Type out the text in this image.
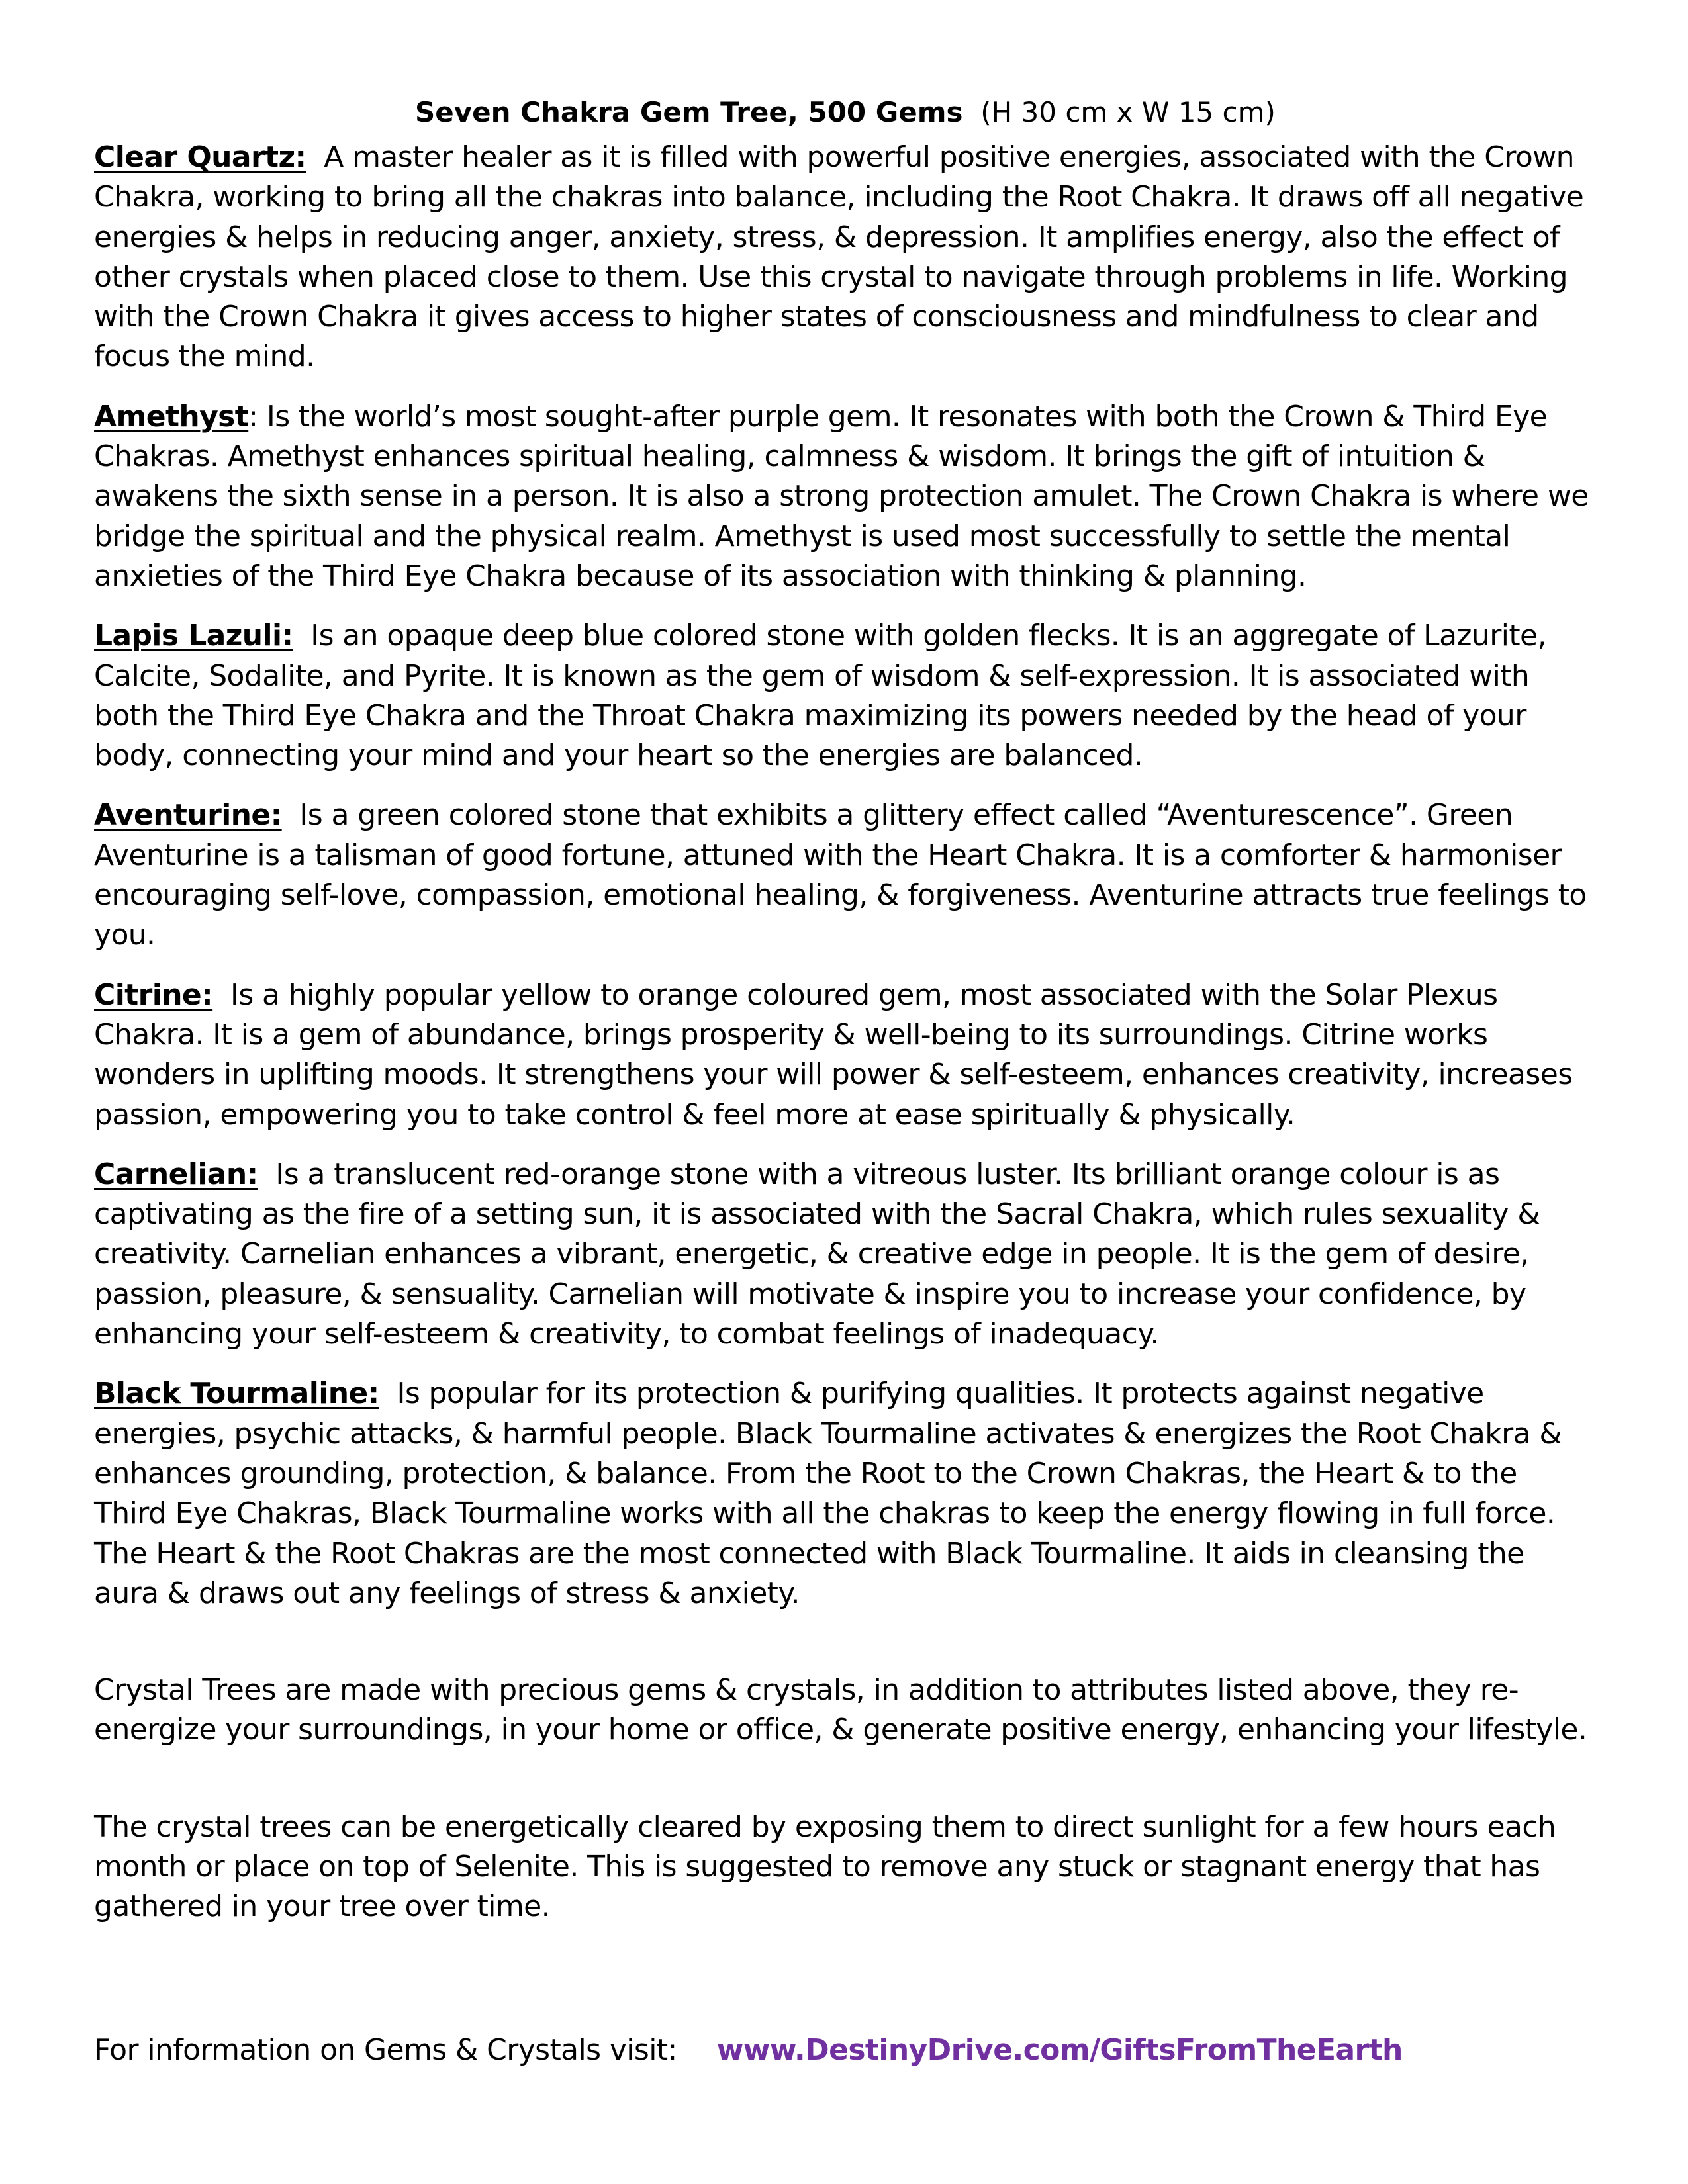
Seven Chakra Gem Tree, 500 Gems (H 30 cm x W 15 cm)

Clear Quartz: A master healer as it is filled with powerful positive energies, associated with the Crown Chakra, working to bring all the chakras into balance, including the Root Chakra. It draws off all negative energies & helps in reducing anger, anxiety, stress, & depression. It amplifies energy, also the effect of other crystals when placed close to them. Use this crystal to navigate through problems in life. Working with the Crown Chakra it gives access to higher states of consciousness and mindfulness to clear and focus the mind.

Amethyst: Is the world’s most sought-after purple gem. It resonates with both the Crown & Third Eye Chakras. Amethyst enhances spiritual healing, calmness & wisdom. It brings the gift of intuition & awakens the sixth sense in a person. It is also a strong protection amulet. The Crown Chakra is where we bridge the spiritual and the physical realm. Amethyst is used most successfully to settle the mental anxieties of the Third Eye Chakra because of its association with thinking & planning.

Lapis Lazuli: Is an opaque deep blue colored stone with golden flecks. It is an aggregate of Lazurite, Calcite, Sodalite, and Pyrite. It is known as the gem of wisdom & self-expression. It is associated with both the Third Eye Chakra and the Throat Chakra maximizing its powers needed by the head of your body, connecting your mind and your heart so the energies are balanced.

Aventurine: Is a green colored stone that exhibits a glittery effect called “Aventurescence”. Green Aventurine is a talisman of good fortune, attuned with the Heart Chakra. It is a comforter & harmoniser encouraging self-love, compassion, emotional healing, & forgiveness. Aventurine attracts true feelings to you.

Citrine: Is a highly popular yellow to orange coloured gem, most associated with the Solar Plexus Chakra. It is a gem of abundance, brings prosperity & well-being to its surroundings. Citrine works wonders in uplifting moods. It strengthens your will power & self-esteem, enhances creativity, increases passion, empowering you to take control & feel more at ease spiritually & physically.

Carnelian: Is a translucent red-orange stone with a vitreous luster. Its brilliant orange colour is as captivating as the fire of a setting sun, it is associated with the Sacral Chakra, which rules sexuality & creativity. Carnelian enhances a vibrant, energetic, & creative edge in people. It is the gem of desire, passion, pleasure, & sensuality. Carnelian will motivate & inspire you to increase your confidence, by enhancing your self-esteem & creativity, to combat feelings of inadequacy.

Black Tourmaline: Is popular for its protection & purifying qualities. It protects against negative energies, psychic attacks, & harmful people. Black Tourmaline activates & energizes the Root Chakra & enhances grounding, protection, & balance. From the Root to the Crown Chakras, the Heart & to the Third Eye Chakras, Black Tourmaline works with all the chakras to keep the energy flowing in full force. The Heart & the Root Chakras are the most connected with Black Tourmaline. It aids in cleansing the aura & draws out any feelings of stress & anxiety.

Crystal Trees are made with precious gems & crystals, in addition to attributes listed above, they re-energize your surroundings, in your home or office, & generate positive energy, enhancing your lifestyle.

The crystal trees can be energetically cleared by exposing them to direct sunlight for a few hours each month or place on top of Selenite. This is suggested to remove any stuck or stagnant energy that has gathered in your tree over time.

For information on Gems & Crystals visit: www.DestinyDrive.com/GiftsFromTheEarth
